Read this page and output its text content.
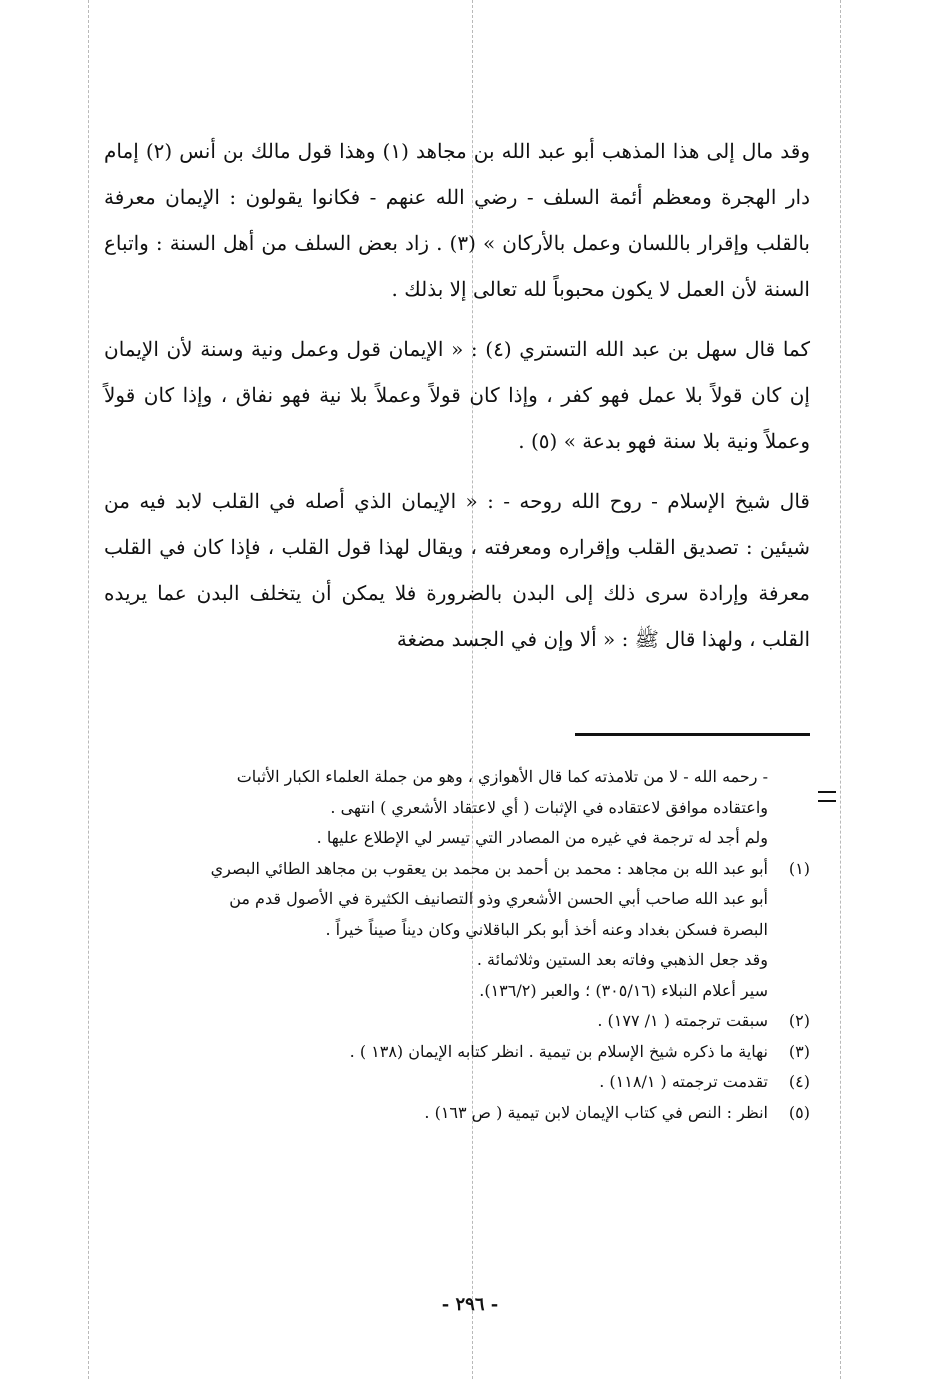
وقد مال إلى هذا المذهب أبو عبد الله بن مجاهد (١) وهذا قول مالك بن أنس (٢) إمام دار الهجرة ومعظم أئمة السلف - رضي الله عنهم - فكانوا يقولون : الإيمان معرفة بالقلب وإقرار باللسان وعمل بالأركان » (٣) . زاد بعض السلف من أهل السنة : واتباع السنة لأن العمل لا يكون محبوباً لله تعالى إلا بذلك .

كما قال سهل بن عبد الله التستري (٤) : « الإيمان قول وعمل ونية وسنة لأن الإيمان إن كان قولاً بلا عمل فهو كفر ، وإذا كان قولاً وعملاً بلا نية فهو نفاق ، وإذا كان قولاً وعملاً ونية بلا سنة فهو بدعة » (٥) .

قال شيخ الإسلام - روح الله روحه - : « الإيمان الذي أصله في القلب لابد فيه من شيئين : تصديق القلب وإقراره ومعرفته ، ويقال لهذا قول القلب ، فإذا كان في القلب معرفة وإرادة سرى ذلك إلى البدن بالضرورة فلا يمكن أن يتخلف البدن عما يريده القلب ، ولهذا قال ﷺ : « ألا وإن في الجسد مضغة

- رحمه الله - لا من تلامذته كما قال الأهوازي ، وهو من جملة العلماء الكبار الأثبات
واعتقاده موافق لاعتقاده في الإثبات ( أي لاعتقاد الأشعري ) انتهى .
ولم أجد له ترجمة في غيره من المصادر التي تيسر لي الإطلاع عليها .
(١)أبو عبد الله بن مجاهد : محمد بن أحمد بن محمد بن يعقوب بن مجاهد الطائي البصري
أبو عبد الله صاحب أبي الحسن الأشعري وذو التصانيف الكثيرة في الأصول قدم من
البصرة فسكن بغداد وعنه أخذ أبو بكر الباقلاني وكان ديناً صيناً خيراً .
وقد جعل الذهبي وفاته بعد الستين وثلاثمائة .
سير أعلام النبلاء (٣٠٥/١٦) ؛ والعبر (١٣٦/٢).
(٢)سبقت ترجمته ( ١/ ١٧٧) .
(٣)نهاية ما ذكره شيخ الإسلام بن تيمية . انظر كتابه الإيمان (١٣٨ ) .
(٤)تقدمت ترجمته ( ١١٨/١) .
(٥)انظر : النص في كتاب الإيمان لابن تيمية ( ص ١٦٣) .
- ٢٩٦ -
